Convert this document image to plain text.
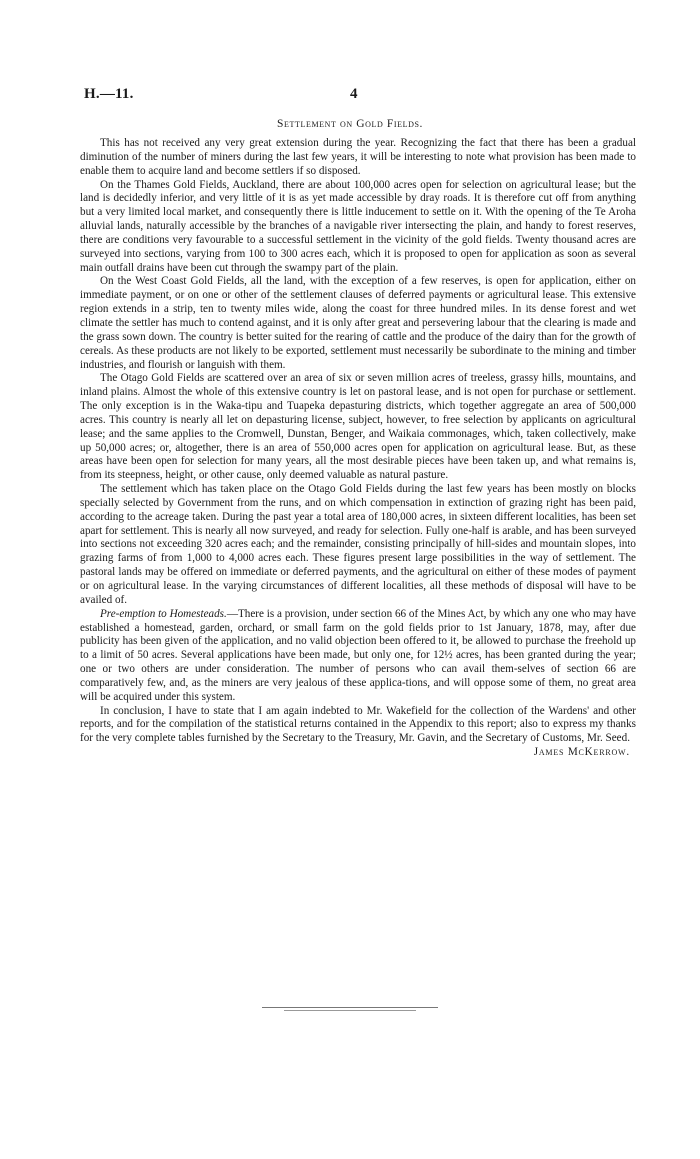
H.—11.	4
Settlement on Gold Fields.

This has not received any very great extension during the year. Recognizing the fact that there has been a gradual diminution of the number of miners during the last few years, it will be interesting to note what provision has been made to enable them to acquire land and become settlers if so disposed.

On the Thames Gold Fields, Auckland, there are about 100,000 acres open for selection on agricultural lease; but the land is decidedly inferior, and very little of it is as yet made accessible by dray roads. It is therefore cut off from anything but a very limited local market, and consequently there is little inducement to settle on it. With the opening of the Te Aroha alluvial lands, naturally accessible by the branches of a navigable river intersecting the plain, and handy to forest reserves, there are conditions very favourable to a successful settlement in the vicinity of the gold fields. Twenty thousand acres are surveyed into sections, varying from 100 to 300 acres each, which it is proposed to open for application as soon as several main outfall drains have been cut through the swampy part of the plain.

On the West Coast Gold Fields, all the land, with the exception of a few reserves, is open for application, either on immediate payment, or on one or other of the settlement clauses of deferred payments or agricultural lease. This extensive region extends in a strip, ten to twenty miles wide, along the coast for three hundred miles. In its dense forest and wet climate the settler has much to contend against, and it is only after great and persevering labour that the clearing is made and the grass sown down. The country is better suited for the rearing of cattle and the produce of the dairy than for the growth of cereals. As these products are not likely to be exported, settlement must necessarily be subordinate to the mining and timber industries, and flourish or languish with them.

The Otago Gold Fields are scattered over an area of six or seven million acres of treeless, grassy hills, mountains, and inland plains. Almost the whole of this extensive country is let on pastoral lease, and is not open for purchase or settlement. The only exception is in the Waka-tipu and Tuapeka depasturing districts, which together aggregate an area of 500,000 acres. This country is nearly all let on depasturing license, subject, however, to free selection by applicants on agricultural lease; and the same applies to the Cromwell, Dunstan, Benger, and Waikaia commonages, which, taken collectively, make up 50,000 acres; or, altogether, there is an area of 550,000 acres open for application on agricultural lease. But, as these areas have been open for selection for many years, all the most desirable pieces have been taken up, and what remains is, from its steepness, height, or other cause, only deemed valuable as natural pasture.

The settlement which has taken place on the Otago Gold Fields during the last few years has been mostly on blocks specially selected by Government from the runs, and on which compensation in extinction of grazing right has been paid, according to the acreage taken. During the past year a total area of 180,000 acres, in sixteen different localities, has been set apart for settlement. This is nearly all now surveyed, and ready for selection. Fully one-half is arable, and has been surveyed into sections not exceeding 320 acres each; and the remainder, consisting principally of hill-sides and mountain slopes, into grazing farms of from 1,000 to 4,000 acres each. These figures present large possibilities in the way of settlement. The pastoral lands may be offered on immediate or deferred payments, and the agricultural on either of these modes of payment or on agricultural lease. In the varying circumstances of different localities, all these methods of disposal will have to be availed of.

Pre-emption to Homesteads.—There is a provision, under section 66 of the Mines Act, by which any one who may have established a homestead, garden, orchard, or small farm on the gold fields prior to 1st January, 1878, may, after due publicity has been given of the application, and no valid objection been offered to it, be allowed to purchase the freehold up to a limit of 50 acres. Several applications have been made, but only one, for 12½ acres, has been granted during the year; one or two others are under consideration. The number of persons who can avail them-selves of section 66 are comparatively few, and, as the miners are very jealous of these applica-tions, and will oppose some of them, no great area will be acquired under this system.

In conclusion, I have to state that I am again indebted to Mr. Wakefield for the collection of the Wardens' and other reports, and for the compilation of the statistical returns contained in the Appendix to this report; also to express my thanks for the very complete tables furnished by the Secretary to the Treasury, Mr. Gavin, and the Secretary of Customs, Mr. Seed.

James McKerrow.
